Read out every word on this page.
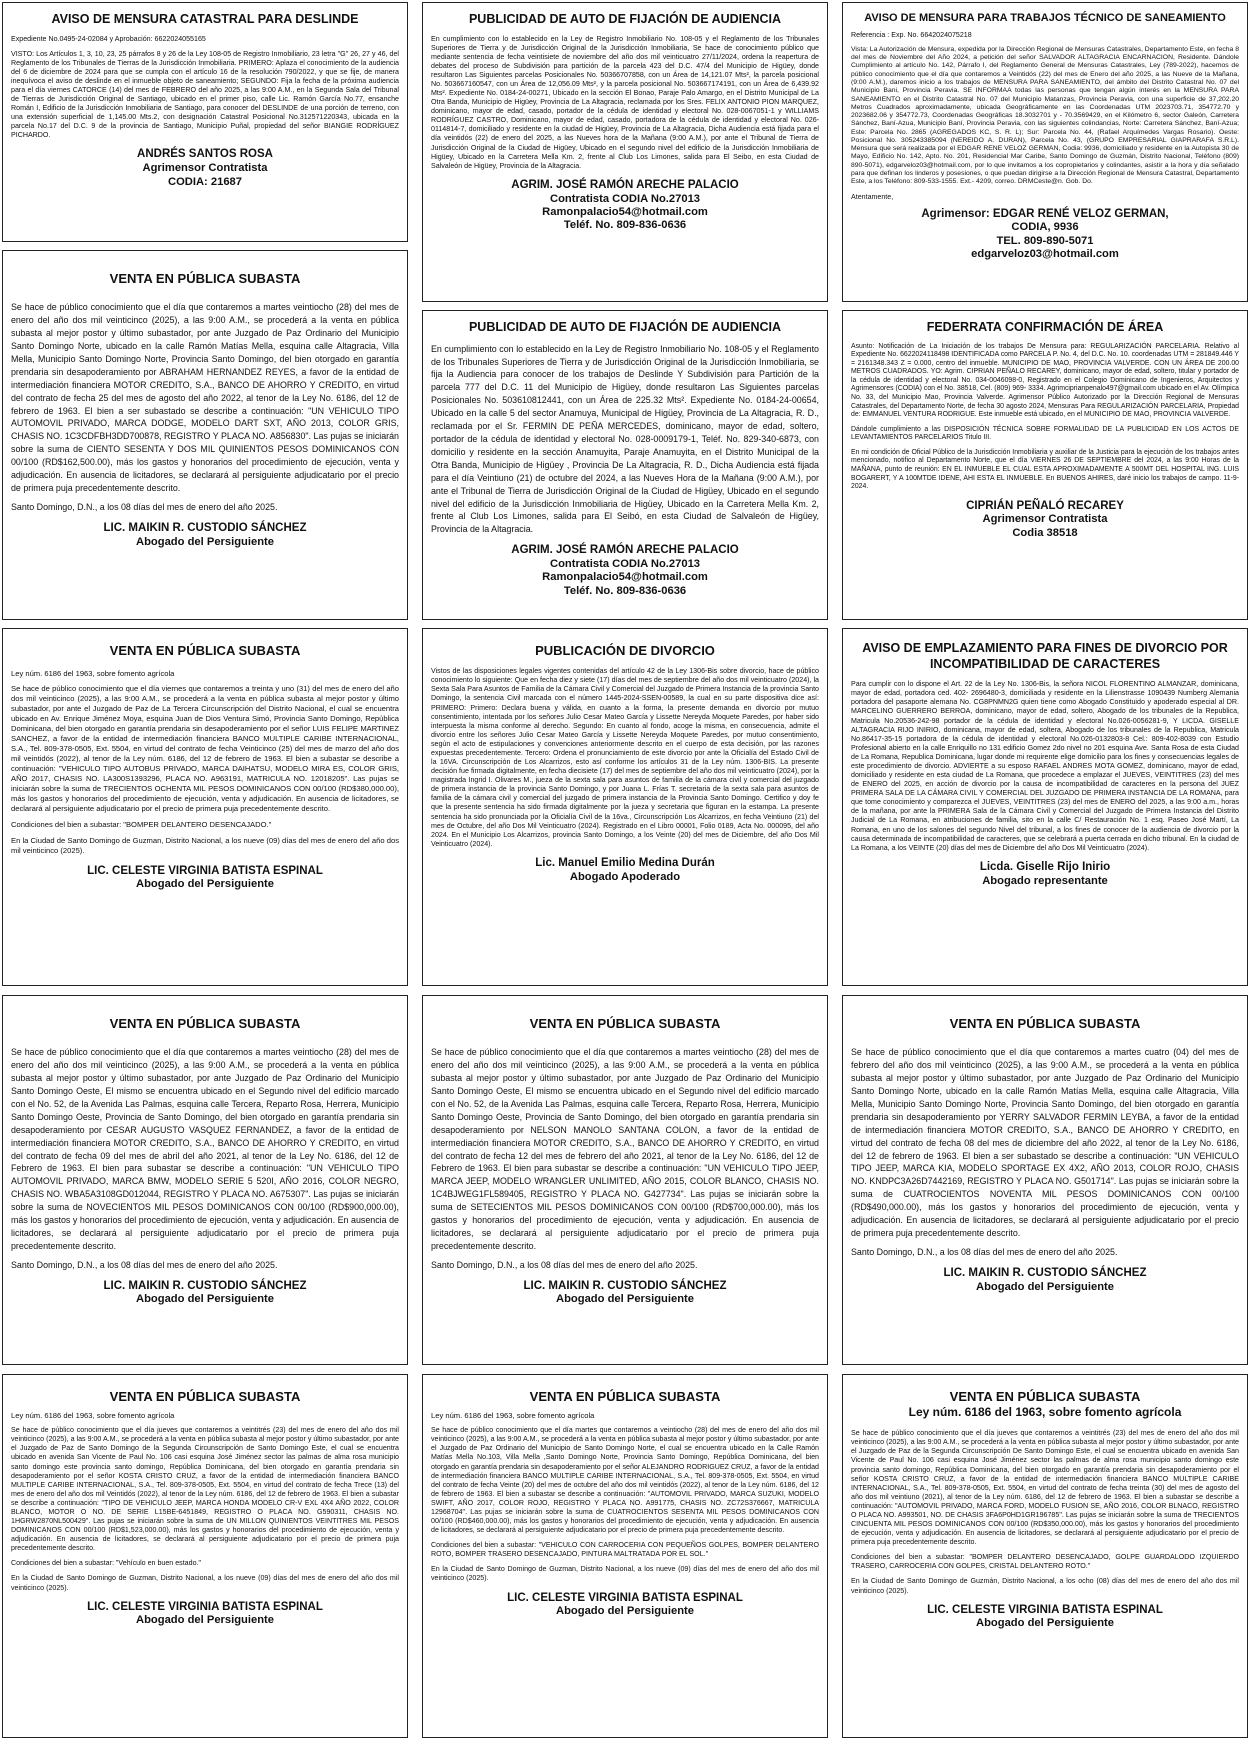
AVISO DE MENSURA CATASTRAL PARA DESLINDE

Expediente No.0495-24-02084 y Aprobación: 6622024055165

VISTO: Los Artículos 1, 3, 10, 23, 25 párrafos 8 y 26 de la Ley 108-05 de Registro Inmobiliario, 23 letra "G" 26, 27 y 46, del Reglamento de los Tribunales de Tierras de la Jurisdicción Inmobiliaria. PRIMERO: Aplaza el conocimiento de la audiencia del 6 de diciembre de 2024 para que se cumpla con el artículo 16 de la resolución 790/2022, y que se fije, de manera inequívoca el aviso de deslinde en el inmueble objeto de saneamiento; SEGUNDO: Fija la fecha de la próxima audiencia para el día viernes CATORCE (14) del mes de FEBRERO del año 2025, a las 9:00 A.M., en la Segunda Sala del Tribunal de Tierras de Jurisdicción Original de Santiago, ubicado en el primer piso, calle Lic. Ramón García No.77, ensanche Román I, Edificio de la Jurisdicción Inmobiliaria de Santiago, para conocer del DESLINDE de una porción de terreno, con una extensión superficial de 1,145.00 Mts.2, con designación Catastral Posicional No.312571220343, ubicada en la parcela No.17 del D.C. 9 de la provincia de Santiago, Municipio Puñal, propiedad del señor BIANGIE RODRÍGUEZ PICHARDO.

ANDRÉS SANTOS ROSA
Agrimensor Contratista
CODIA: 21687
VENTA EN PÚBLICA SUBASTA

Se hace de público conocimiento que el día que contaremos a martes veintiocho (28) del mes de enero del año dos mil veinticinco (2025), a las 9:00 A.M., se procederá a la venta en pública subasta al mejor postor y último subastador, por ante Juzgado de Paz Ordinario del Municipio Santo Domingo Norte, ubicado en la calle Ramón Matías Mella, esquina calle Altagracia, Villa Mella, Municipio Santo Domingo Norte, Provincia Santo Domingo, del bien otorgado en garantía prendaria sin desapoderamiento por ABRAHAM HERNANDEZ REYES, a favor de la entidad de intermediación financiera MOTOR CREDITO, S.A., BANCO DE AHORRO Y CREDITO, en virtud del contrato de fecha 25 del mes de agosto del año 2022, al tenor de la Ley No. 6186, del 12 de febrero de 1963. El bien a ser subastado se describe a continuación: "UN VEHICULO TIPO AUTOMOVIL PRIVADO, MARCA DODGE, MODELO DART SXT, AÑO 2013, COLOR GRIS, CHASIS NO. 1C3CDFBH3DD700878, REGISTRO Y PLACA NO. A856830". Las pujas se iniciarán sobre la suma de CIENTO SESENTA Y DOS MIL QUINIENTOS PESOS DOMINICANOS CON 00/100 (RD$162,500.00), más los gastos y honorarios del procedimiento de ejecución, venta y adjudicación. En ausencia de licitadores, se declarará al persiguiente adjudicatario por el precio de primera puja precedentemente descrito.

Santo Domingo, D.N., a los 08 días del mes de enero del año 2025.

LIC. MAIKIN R. CUSTODIO SÁNCHEZ
Abogado del Persiguiente
VENTA EN PÚBLICA SUBASTA
Ley núm. 6186 del 1963, sobre fomento agrícola

Se hace de público conocimiento que el día viernes que contaremos a treinta y uno (31) del mes de enero del año dos mil veinticinco (2025), a las 9:00 A.M., se procederá a la venta en pública subasta al mejor postor y último subastador, por ante el Juzgado de Paz de La Tercera Circunscripción del Distrito Nacional, el cual se encuentra ubicado en Av. Enrique Jiménez Moya, esquina Juan de Dios Ventura Simó, Provincia Santo Domingo, República Dominicana, del bien otorgado en garantía prendaria sin desapoderamiento por el señor LUIS FELIPE MARTINEZ SANCHEZ, a favor de la entidad de intermediación financiera BANCO MULTIPLE CARIBE INTERNACIONAL, S.A., Tel. 809-378-0505, Ext. 5504, en virtud del contrato de fecha Veinticinco (25) del mes de marzo del año dos mil veintidós (2022), al tenor de la Ley núm. 6186, del 12 de febrero de 1963. El bien a subastar se describe a continuación: "VEHICULO TIPO AUTOBUS PRIVADO, MARCA DAIHATSU, MODELO MIRA ES, COLOR GRIS, AÑO 2017, CHASIS NO. LA300S1393296, PLACA NO. A963191, MATRICULA NO. 12018205". Las pujas se iniciarán sobre la suma de TRECIENTOS OCHENTA MIL PESOS DOMINICANOS CON 00/100 (RD$380,000.00), más los gastos y honorarios del procedimiento de ejecución, venta y adjudicación. En ausencia de licitadores, se declarará al persiguiente adjudicatario por el precio de primera puja precedentemente descrito.

Condiciones del bien a subastar: "BOMPER DELANTERO DESENCAJADO."

En la Ciudad de Santo Domingo de Guzman, Distrito Nacional, a los nueve (09) días del mes de enero del año dos mil veinticinco (2025).

LIC. CELESTE VIRGINIA BATISTA ESPINAL
Abogado del Persiguiente
VENTA EN PÚBLICA SUBASTA

Se hace de público conocimiento que el día que contaremos a martes veintiocho (28) del mes de enero del año dos mil veinticinco (2025), a las 9:00 A.M., se procederá a la venta en pública subasta al mejor postor y último subastador, por ante Juzgado de Paz Ordinario del Municipio Santo Domingo Oeste, El mismo se encuentra ubicado en el Segundo nivel del edificio marcado con el No. 52, de la Avenida Las Palmas, esquina calle Tercera, Reparto Rosa, Herrera, Municipio Santo Domingo Oeste, Provincia de Santo Domingo, del bien otorgado en garantía prendaria sin desapoderamiento por CESAR AUGUSTO VASQUEZ FERNANDEZ, a favor de la entidad de intermediación financiera MOTOR CREDITO, S.A., BANCO DE AHORRO Y CREDITO, en virtud del contrato de fecha 09 del mes de abril del año 2021, al tenor de la Ley No. 6186, del 12 de Febrero de 1963. El bien para subastar se describe a continuación: "UN VEHICULO TIPO AUTOMOVIL PRIVADO, MARCA BMW, MODELO SERIE 5 520I, AÑO 2016, COLOR NEGRO, CHASIS NO. WBA5A3108GD012044, REGISTRO Y PLACA NO. A675307". Las pujas se iniciarán sobre la suma de NOVECIENTOS MIL PESOS DOMINICANOS CON 00/100 (RD$900,000.00), más los gastos y honorarios del procedimiento de ejecución, venta y adjudicación. En ausencia de licitadores, se declarará al persiguiente adjudicatario por el precio de primera puja precedentemente descrito.

Santo Domingo, D.N., a los 08 días del mes de enero del año 2025.

LIC. MAIKIN R. CUSTODIO SÁNCHEZ
Abogado del Persiguiente
VENTA EN PÚBLICA SUBASTA
Ley núm. 6186 del 1963, sobre fomento agrícola

Se hace de público conocimiento que el día jueves que contaremos a veintitrés (23) del mes de enero del año dos mil veinticinco (2025), a las 9:00 A.M., se procederá a la venta en pública subasta al mejor postor y último subastador, por ante el Juzgado de Paz de Santo Domingo de la Segunda Circunscripción de Santo Domingo Este, el cual se encuentra ubicado en avenida San Vicente de Paul No. 106 casi esquina José Jiménez sector las palmas de alma rosa municipio santo domingo este provincia santo domingo, República Dominicana, del bien otorgado en garantía prendaria sin desapoderamiento por el señor KOSTA CRISTO CRUZ, a favor de la entidad de intermediación financiera BANCO MULTIPLE CARIBE INTERNACIONAL, S.A., Tel. 809-378-0505, Ext. 5504, en virtud del contrato de fecha Trece (13) del mes de enero del año dos mil Veintidós (2022), al tenor de la Ley núm. 6186, del 12 de febrero de 1963. El bien a subastar se describe a continuación: "TIPO DE VEHICULO JEEP, MARCA HONDA MODELO CR-V EXL 4X4 AÑO 2022, COLOR BLANCO, MOTOR O NO. DE SERIE L15BE-6451849, REGISTRO O PLACA NO. G590311, CHASIS NO. 1HGRW2870NL500429". Las pujas se iniciarán sobre la suma de UN MILLON QUINIENTOS VEINTITRES MIL PESOS DOMINICANOS CON 00/100 (RD$1,523,000.00), más los gastos y honorarios del procedimiento de ejecución, venta y adjudicación. En ausencia de licitadores, se declarará al persiguiente adjudicatario por el precio de primera puja precedentemente descrito.

Condiciones del bien a subastar: "Vehículo en buen estado."

En la Ciudad de Santo Domingo de Guzman, Distrito Nacional, a los nueve (09) días del mes de enero del año dos mil veinticinco (2025).

LIC. CELESTE VIRGINIA BATISTA ESPINAL
Abogado del Persiguiente
PUBLICIDAD DE AUTO DE FIJACIÓN DE AUDIENCIA

En cumplimiento con lo establecido en la Ley de Registro Inmobiliario No. 108-05 y el Reglamento de los Tribunales Superiores de Tierra y de Jurisdicción Original de la Jurisdicción Inmobiliaria, Se hace de conocimiento público que mediante sentencia de fecha veintisiete de noviembre del año dos mil veinticuatro 27/11/2024, ordena la reapertura de debates del proceso de Subdivisión para partición de la parcela 423 del D.C. 47/4 del Municipio de Higüey, donde resultaron Las Siguientes parcelas Posicionales No. 50366707858, con un Área de 14,121.07 Mts², la parcela posicional No. 503667160547, con un Área de 12,056.09 Mts², y la parcela posicional No. 503667174191, con un Área de 6,439.92 Mts². Expediente No. 0184-24-00271, Ubicado en la sección El Bonao, Paraje Palo Amargo, en el Distrito Municipal de La Otra Banda, Municipio de Higüey, Provincia de La Altagracia, reclamada por los Sres. FELIX ANTONIO PION MARQUEZ, dominicano, mayor de edad, casado, portador de la cédula de identidad y electoral No. 028-0067051-1 y WILLIAMS RODRÍGUEZ CASTRO, Dominicano, mayor de edad, casado, portadora de la cédula de identidad y electoral No. 026-0114814-7, domiciliado y residente en la ciudad de Higüey, Provincia de La Altagracia, Dicha Audiencia está fijada para el día veintidós (22) de enero del 2025, a las Nueves hora de la Mañana (9:00 A.M.), por ante el Tribunal de Tierra de Jurisdicción Original de la Ciudad de Higüey, Ubicado en el segundo nivel del edificio de la Jurisdicción Inmobiliaria de Higüey, Ubicado en la Carretera Mella Km. 2, frente al Club Los Limones, salida para El Seibo, en esta Ciudad de Salvaleón de Higüey, Provincia de la Altagracia.

AGRIM. JOSÉ RAMÓN ARECHE PALACIO
Contratista CODIA No.27013
Ramonpalacio54@hotmail.com
Teléf. No. 809-836-0636
PUBLICIDAD DE AUTO DE FIJACIÓN DE AUDIENCIA

En cumplimiento con lo establecido en la Ley de Registro Inmobiliario No. 108-05 y el Reglamento de los Tribunales Superiores de Tierra y de Jurisdicción Original de la Jurisdicción Inmobiliaria, se fija la Audiencia para conocer de los trabajos de Deslinde Y Subdivisión para Partición de la parcela 777 del D.C. 11 del Municipio de Higüey, donde resultaron Las Siguientes parcelas Posicionales No. 503610812441, con un Área de 225.32 Mts². Expediente No. 0184-24-00654, Ubicado en la calle 5 del sector Anamuya, Municipal de Higüey, Provincia de La Altagracia, R. D., reclamada por el Sr. FERMIN DE PEÑA MERCEDES, dominicano, mayor de edad, soltero, portador de la cédula de identidad y electoral No. 028-0009179-1, Teléf. No. 829-340-6873, con domicilio y residente en la sección Anamuyita, Paraje Anamuyita, en el Distrito Municipal de la Otra Banda, Municipio de Higüey , Provincia De La Altagracia, R. D., Dicha Audiencia está fijada para el día Veintiuno (21) de octubre del 2024, a las Nueves Hora de la Mañana (9:00 A.M.), por ante el Tribunal de Tierra de Jurisdicción Original de la Ciudad de Higüey, Ubicado en el segundo nivel del edificio de la Jurisdicción Inmobiliaria de Higüey, Ubicado en la Carretera Mella Km. 2, frente al Club Los Limones, salida para El Seibó, en esta Ciudad de Salvaleón de Higüey, Provincia de la Altagracia.

AGRIM. JOSÉ RAMÓN ARECHE PALACIO
Contratista CODIA No.27013
Ramonpalacio54@hotmail.com
Teléf. No. 809-836-0636
PUBLICACIÓN DE DIVORCIO

Vistos de las disposiciones legales vigentes contenidas del artículo 42 de la Ley 1306-Bis sobre divorcio, hace de público conocimiento lo siguiente: Que en fecha diez y siete (17) días del mes de septiembre del año dos mil veinticuatro (2024), la Sexta Sala Para Asuntos de Familia de la Cámara Civil y Comercial del Juzgado de Primera Instancia de la provincia Santo Domingo, la sentencia Civil marcada con el número 1445-2024-SSEN-00589, la cual en su parte dispositiva dice así: PRIMERO: Primero: Declara buena y válida, en cuanto a la forma, la presente demanda en divorcio por mutuo consentimiento, intentada por los señores Julio Cesar Mateo García y Lissette Nereyda Moquete Paredes, por haber sido interpuesta la misma conforme al derecho. Segundo: En cuanto al fondo, acoge la misma, en consecuencia, admite el divorcio entre los señores Julio Cesar Mateo García y Lissette Nereyda Moquete Paredes, por mutuo consentimiento, según el acto de estipulaciones y convenciones anteriormente descrito en el cuerpo de esta decisión, por las razones expuestas precedentemente. Tercero: Ordena el pronunciamiento de este divorcio por ante la Oficialía del Estado Civil de la 16VA. Circunscripción de Los Alcarrizos, esto así conforme los artículos 31 de la Ley núm. 1306-BIS. La presente decisión fue firmada digitalmente, en fecha diecisiete (17) del mes de septiembre del año dos mil veinticuatro (2024), por la magistrada Ingrid I. Olivares M., jueza de la sexta sala para asuntos de familia de la cámara civil y comercial del juzgado de primera instancia de la provincia Santo Domingo, y por Juana L. Frías T. secretaria de la sexta sala para asuntos de familia de la cámara civil y comercial del juzgado de primera instancia de la Provincia Santo Domingo. Certifico y doy fe que la presente sentencia ha sido firmada digitalmente por la jueza y secretaria que figuran en la estampa. La presente sentencia ha sido pronunciada por la Oficialía Civil de la 16va., Circunscripción Los Alcarrizos, en fecha Veintiuno (21) del mes de Octubre, del año Dos Mil Veinticuatro (2024). Registrado en el Libro 00001, Folio 0189, Acta No. 000095, del año 2024. En el Municipio Los Alcarrizos, provincia Santo Domingo, a los Veinte (20) del mes de Diciembre, del año Dos Mil Veinticuatro (2024).

Lic. Manuel Emilio Medina Durán
Abogado Apoderado
VENTA EN PÚBLICA SUBASTA

Se hace de público conocimiento que el día que contaremos a martes veintiocho (28) del mes de enero del año dos mil veinticinco (2025), a las 9:00 A.M., se procederá a la venta en pública subasta al mejor postor y último subastador, por ante Juzgado de Paz Ordinario del Municipio Santo Domingo Oeste, El mismo se encuentra ubicado en el Segundo nivel del edificio marcado con el No. 52, de la Avenida Las Palmas, esquina calle Tercera, Reparto Rosa, Herrera, Municipio Santo Domingo Oeste, Provincia de Santo Domingo, del bien otorgado en garantía prendaria sin desapoderamiento por NELSON MANOLO SANTANA COLON, a favor de la entidad de intermediación financiera MOTOR CREDITO, S.A., BANCO DE AHORRO Y CREDITO, en virtud del contrato de fecha 12 del mes de febrero del año 2021, al tenor de la Ley No. 6186, del 12 de Febrero de 1963. El bien para subastar se describe a continuación: "UN VEHICULO TIPO JEEP, MARCA JEEP, MODELO WRANGLER UNLIMITED, AÑO 2015, COLOR BLANCO, CHASIS NO. 1C4BJWEG1FL589405, REGISTRO Y PLACA NO. G427734". Las pujas se iniciarán sobre la suma de SETECIENTOS MIL PESOS DOMINICANOS CON 00/100 (RD$700,000.00), más los gastos y honorarios del procedimiento de ejecución, venta y adjudicación. En ausencia de licitadores, se declarará al persiguiente adjudicatario por el precio de primera puja precedentemente descrito.

Santo Domingo, D.N., a los 08 días del mes de enero del año 2025.

LIC. MAIKIN R. CUSTODIO SÁNCHEZ
Abogado del Persiguiente
VENTA EN PÚBLICA SUBASTA
Ley núm. 6186 del 1963, sobre fomento agrícola

Se hace de público conocimiento que el día martes que contaremos a veintiocho (28) del mes de enero del año dos mil veinticinco (2025), a las 9:00 A.M., se procederá a la venta en pública subasta al mejor postor y último subastador, por ante el Juzgado de Paz Ordinario del Municipio de Santo Domingo Norte, el cual se encuentra ubicado en la Calle Ramón Matías Mella No.103, Villa Mella ,Santo Domingo Norte, Provincia Santo Domingo, República Dominicana, del bien otorgado en garantía prendaria sin desapoderamiento por el señor ALEJANDRO RODRIGUEZ CRUZ, a favor de la entidad de intermediación financiera BANCO MULTIPLE CARIBE INTERNACIONAL, S.A., Tel. 809-378-0505, Ext. 5504, en virtud del contrato de fecha Veinte (20) del mes de octubre del año dos mil veintidós (2022), al tenor de la Ley núm. 6186, del 12 de febrero de 1963. El bien a subastar se describe a continuación: "AUTOMOVIL PRIVADO, MARCA SUZUKI, MODELO SWIFT, AÑO 2017, COLOR ROJO, REGISTRO Y PLACA NO. A991775, CHASIS NO. ZC72S376667, MATRICULA 12968704". Las pujas se iniciarán sobre la suma de CUATROCIENTOS SESENTA MIL PESOS DOMINICANOS CON 00/100 (RD$460,000.00), más los gastos y honorarios del procedimiento de ejecución, venta y adjudicación. En ausencia de licitadores, se declarará al persiguiente adjudicatario por el precio de primera puja precedentemente descrito.

Condiciones del bien a subastar: "VEHICULO CON CARROCERIA CON PEQUEÑOS GOLPES, BOMPER DELANTERO ROTO, BOMPER TRASERO DESENCAJADO, PINTURA MALTRATADA POR EL SOL."

En la Ciudad de Santo Domingo de Guzman, Distrito Nacional, a los nueve (09) días del mes de enero del año dos mil veinticinco (2025).

LIC. CELESTE VIRGINIA BATISTA ESPINAL
Abogado del Persiguiente
AVISO DE MENSURA PARA TRABAJOS TÉCNICO DE SANEAMIENTO

Referencia : Exp. No. 6642024075218

Vista: La Autorización de Mensura, expedida por la Dirección Regional de Mensuras Catastrales, Departamento Este, en fecha 8 del mes de Noviembre del Año 2024, a petición del señor SALVADOR ALTAGRACIA ENCARNACION, Residente. Dándole Cumplimiento al artículo No. 142, Párrafo I, del Reglamento General de Mensuras Catastrales, Ley (789-2022), hacemos de público conocimiento que el día que contaremos a Veintidós (22) del mes de Enero del año 2025, a las Nueve de la Mañana, (9:00 A.M.), daremos inicio a los trabajos de MENSURA PARA SANEAMIENTO, del ámbito del Distrito Catastral No. 07 del Municipio Bani, Provincia Peravia. SE INFORMAA todas las personas que tengan algún interés en la MENSURA PARA SANEAMIENTO en el Distrito Catastral No. 07 del Municipio Matanzas, Provincia Peravia, con una superficie de 37,202.20 Metros Cuadrados aproximadamente, ubicada Geográficamente en las Coordenadas UTM 2023703.71, 354772.70 y 2023682.06 y 354772.73, Coordenadas Geográficas 18.3032701 y - 70.3569429, en el Kilómetro 6, sector Galeón, Carretera Sánchez, Baní-Azua, Municipio Baní, Provincia Peravia, con las siguientes colindancias, Norte: Carretera Sánchez, Baní-Azua; Este: Parcela No. 2865 (AGREGADOS KC, S. R. L); Sur: Parcela No. 44, (Rafael Arquímedes Vargas Rosario). Oeste: Posicional No. 305243385094 (NEREIDO A. DURAN), Parcela No. 43, (GRUPO EMPRESARIAL GIAPRARAFA S.R.L). Mensura que será realizada por el EDGAR RENE VELOZ GERMAN, Codia: 9936, domiciliado y residente en la Autopista 30 de Mayo, Edificio No. 142, Apto. No. 201, Residencial Mar Caribe, Santo Domingo de Guzmán, Distrito Nacional, Teléfono (809) 890-5071), edgarveloz03@hotmail.com, por lo que invitamos a los copropietarios y colindantes, asistir a la hora y día señalado para que definan los linderos y posesiones, o que puedan dirigirse a la Dirección Regional de Mensura Catastral, Departamento Este, a los Teléfono: 809-533-1555. Ext.- 4209, correo. DRMCeste@n. Gob. Do.

Atentamente,

Agrimensor: EDGAR RENÉ VELOZ GERMAN,
CODIA, 9936
TEL. 809-890-5071
edgarveloz03@hotmail.com
FEDERRATA CONFIRMACIÓN DE ÁREA

Asunto: Notificación de La Iniciación de los trabajos De Mensura para: REGULARIZACIÓN PARCELARIA. Relativo al Expediente No. 6622024118498 IDENTIFICADA como PARCELA P. No. 4, del D.C. No. 10. coordenadas UTM = 281849.446 Y = 2161348.343 Z = 0.000, centro del inmueble. MUNICIPIO DE MAO, PROVINCIA VALVERDE. CON UN ÁREA DE 200.00 METROS CUADRADOS. YO: Agrim. CIPRIAN PEÑALO RECAREY, dominicano, mayor de edad, soltero, titular y portador de la cédula de identidad y electoral No. 034-0046098-0, Registrado en el Colegio Dominicano de Ingenieros, Arquitectos y Agrimensores (CODIA) con el No. 38518, Cel. (809) 969- 3334. Agrimciprianpenalo497@gmail.com ubicado en el Av. Olímpica No. 33, del Municipio Mao, Provincia Valverde. Agrimensor Público Autorizado por la Dirección Regional de Mensuras Catastrales, del Departamento Norte, de fecha 30 agosto 2024, Mensuras Para REGULARIZACIÓN PARCELARIA, Propiedad de: EMMANUEL VENTURA RODRIGUE. Este inmueble está ubicado, en el MUNICIPIO DE MAO, PROVINCIA VALVERDE.

Dándole cumplimiento a las DISPOSICIÓN TÉCNICA SOBRE FORMALIDAD DE LA PUBLICIDAD EN LOS ACTOS DE LEVANTAMIENTOS PARCELARIOS Titulo III.

En mi condición de Oficial Público de la Jurisdicción Inmobiliaria y auxiliar de la Justicia para la ejecución de los trabajos antes mencionado, notifico al Departamento Norte, que el día VIERNES 26 DE SEPTIEMBRE del 2024, a las 9:00 Horas de la MAÑANA, punto de reunión: EN EL INMUEBLE EL CUAL ESTA APROXIMADAMENTE A 500MT DEL HOSPITAL ING. LUIS BOGARERT, Y A 100MTDE IDENE, AHI ESTA EL INMUEBLE. En BUENOS AHIRES, daré inicio los trabajos de campo. 11-9-2024.

CIPRIÁN PEÑALÓ RECAREY
Agrimensor Contratista
Codia 38518
AVISO DE EMPLAZAMIENTO PARA FINES DE DIVORCIO POR INCOMPATIBILIDAD DE CARACTERES

Para cumplir con lo dispone el Art. 22 de la Ley No. 1306-Bis, la señora NICOL FLORENTINO ALMANZAR, dominicana, mayor de edad, portadora ced. 402- 2696480-3, domiciliada y residente en la Lilienstrasse 1090439 Numberg Alemania portadora del pasaporte alemana No. CG8PNMN2G quien tiene como Abogado Constituido y apoderado especial al DR. MARCELINO GUERRERO BERROA, dominicano, mayor de edad, soltero, Abogado de los tribunales de la Republica, Matricula No.20536-242-98 portador de la cédula de identidad y electoral No.026-0056281-9, Y LICDA. GISELLE ALTAGRACIA RIJO INIRIO, dominicana, mayor de edad, soltera, Abogado de los tribunales de la Republica, Matricula No.86417-35-15 portadora de la cédula de identidad y electoral No.026-0132803-8 Cel.: 809-402-8039 con Estudio Profesional abierto en la calle Enriquillo no 131 edificio Gomez 2do nivel no 201 esquina Ave. Santa Rosa de esta Ciudad de La Romana, Republica Dominicana, lugar donde mi requirente elige domicilio para los fines y consecuencias legales de este procedimiento de divorcio. ADVIERTE a su esposo RAFAEL ANDRES MOTA GOMEZ, dominicano, mayor de edad, domiciliado y residente en esta ciudad de La Romana, que procedece a emplazar el JUEVES, VEINTITRES (23) del mes de ENERO del 2025, en acción de divorcio por la causa de incompatibilidad de caracteres en la persona del JUEZ PRIMERA SALA DE LA CÁMARA CIVIL Y COMERCIAL DEL JUZGADO DE PRIMERA INSTANCIA DE LA ROMANA, para que tome conocimiento y comparezca el JUEVES, VEINTITRES (23) del mes de ENERO del 2025, a las 9:00 a.m., horas de la mañana, por ante la PRIMERA Sala de la Cámara Civil y Comercial del Juzgado de Primera Instancia del Distrito Judicial de La Romana, en atribuciones de familia, sito en la calle C/ Restauración No. 1 esq. Paseo José Martí, La Romana, en uno de los salones del segundo Nivel del tribunal, a los fines de conocer de la audiencia de divorcio por la causa determinada de incompatibilidad de caracteres, que se celebrará a puerta cerrada en dicho tribunal. En la ciudad de La Romana, a los VEINTE (20) días del mes de Diciembre del año Dos Mil Veinticuatro (2024).

Licda. Giselle Rijo Inirio
Abogado representante
VENTA EN PÚBLICA SUBASTA

Se hace de público conocimiento que el día que contaremos a martes cuatro (04) del mes de febrero del año dos mil veinticinco (2025), a las 9:00 A.M., se procederá a la venta en pública subasta al mejor postor y último subastador, por ante Juzgado de Paz Ordinario del Municipio Santo Domingo Norte, ubicado en la calle Ramón Matías Mella, esquina calle Altagracia, Villa Mella, Municipio Santo Domingo Norte, Provincia Santo Domingo, del bien otorgado en garantía prendaria sin desapoderamiento por YERRY SALVADOR FERMIN LEYBA, a favor de la entidad de intermediación financiera MOTOR CREDITO, S.A., BANCO DE AHORRO Y CREDITO, en virtud del contrato de fecha 08 del mes de diciembre del año 2022, al tenor de la Ley No. 6186, del 12 de febrero de 1963. El bien a ser subastado se describe a continuación: "UN VEHICULO TIPO JEEP, MARCA KIA, MODELO SPORTAGE EX 4X2, AÑO 2013, COLOR ROJO, CHASIS NO. KNDPC3A26D7442169, REGISTRO Y PLACA NO. G501714". Las pujas se iniciarán sobre la suma de CUATROCIENTOS NOVENTA MIL PESOS DOMINICANOS CON 00/100 (RD$490,000.00), más los gastos y honorarios del procedimiento de ejecución, venta y adjudicación. En ausencia de licitadores, se declarará al persiguiente adjudicatario por el precio de primera puja precedentemente descrito.

Santo Domingo, D.N., a los 08 días del mes de enero del año 2025.

LIC. MAIKIN R. CUSTODIO SÁNCHEZ
Abogado del Persiguiente
VENTA EN PÚBLICA SUBASTA
Ley núm. 6186 del 1963, sobre fomento agrícola

Se hace de público conocimiento que el día jueves que contaremos a veintitrés (23) del mes de enero del año dos mil veinticinco (2025), a las 9:00 A.M., se procederá a la venta en pública subasta al mejor postor y último subastador, por ante el Juzgado de Paz de la Segunda Circunscripción De Santo Domingo Este, el cual se encuentra ubicado en avenida San Vicente de Paul No. 106 casi esquina José Jiménez sector las palmas de alma rosa municipio santo domingo este provincia santo domingo, República Dominicana, del bien otorgado en garantía prendaria sin desapoderamiento por el señor KOSTA CRISTO CRUZ, a favor de la entidad de intermediación financiera BANCO MULTIPLE CARIBE INTERNACIONAL, S.A., Tel. 809-378-0505, Ext. 5504, en virtud del contrato de fecha treinta (30) del mes de agosto del año dos mil veintiuno (2021), al tenor de la Ley núm. 6186, del 12 de febrero de 1963. El bien a subastar se describe a continuación: "AUTOMOVIL PRIVADO, MARCA FORD, MODELO FUSION SE, AÑO 2016, COLOR BLNACO, REGISTRO O PLACA NO. A993501, NO. DE CHASIS 3FA6P0HD1GR196785". Las pujas se iniciarán sobre la suma de TRECIENTOS CINCUENTA MIL PESOS DOMINICANOS CON 00/100 (RD$350,000.00), más los gastos y honorarios del procedimiento de ejecución, venta y adjudicación. En ausencia de licitadores, se declarará al persiguiente adjudicatario por el precio de primera puja precedentemente descrito.

Condiciones del bien a subastar: "BOMPER DELANTERO DESENCAJADO, GOLPE GUARDALODO IZQUIERDO TRASERO, CARROCERIA CON GOLPES, CRISTAL DELANTERO ROTO."

En la Ciudad de Santo Domingo de Guzmán, Distrito Nacional, a los ocho (08) días del mes de enero del año dos mil veinticinco (2025).

LIC. CELESTE VIRGINIA BATISTA ESPINAL
Abogado del Persiguiente
